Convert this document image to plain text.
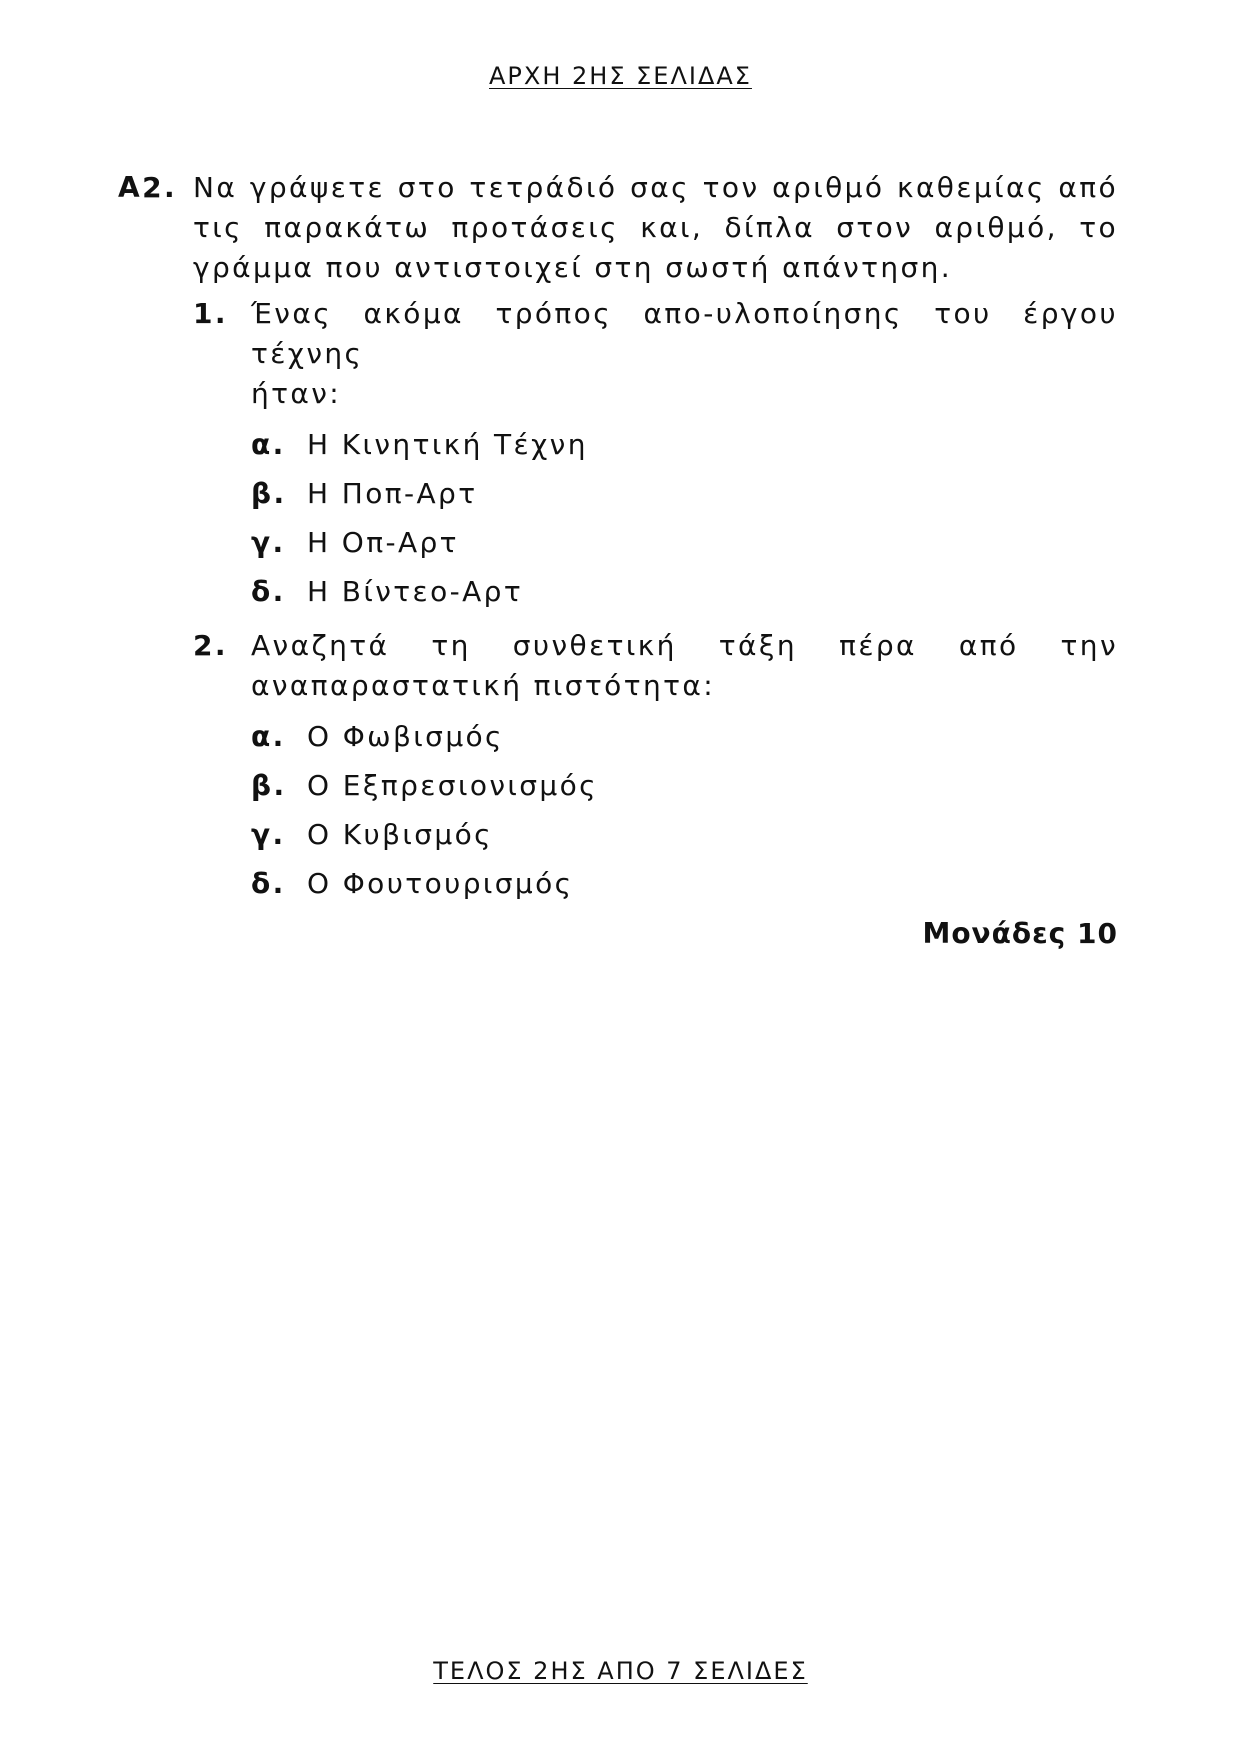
ΑΡΧΗ 2ΗΣ ΣΕΛΙΔΑΣ
Α2. Να γράψετε στο τετράδιό σας τον αριθμό καθεμίας από τις παρακάτω προτάσεις και, δίπλα στον αριθμό, το γράμμα που αντιστοιχεί στη σωστή απάντηση.
1. Ένας ακόμα τρόπος απο-υλοποίησης του έργου τέχνης
ήταν:
α. Η Κινητική Τέχνη
β. Η Ποπ-Αρτ
γ. Η Οπ-Αρτ
δ. Η Βίντεο-Αρτ
2. Αναζητά τη συνθετική τάξη πέρα από την
αναπαραστατική πιστότητα:
α. Ο Φωβισμός
β. Ο Εξπρεσιονισμός
γ. Ο Κυβισμός
δ. Ο Φουτουρισμός
Μονάδες 10
ΤΕΛΟΣ 2ΗΣ ΑΠΟ 7 ΣΕΛΙΔΕΣ
